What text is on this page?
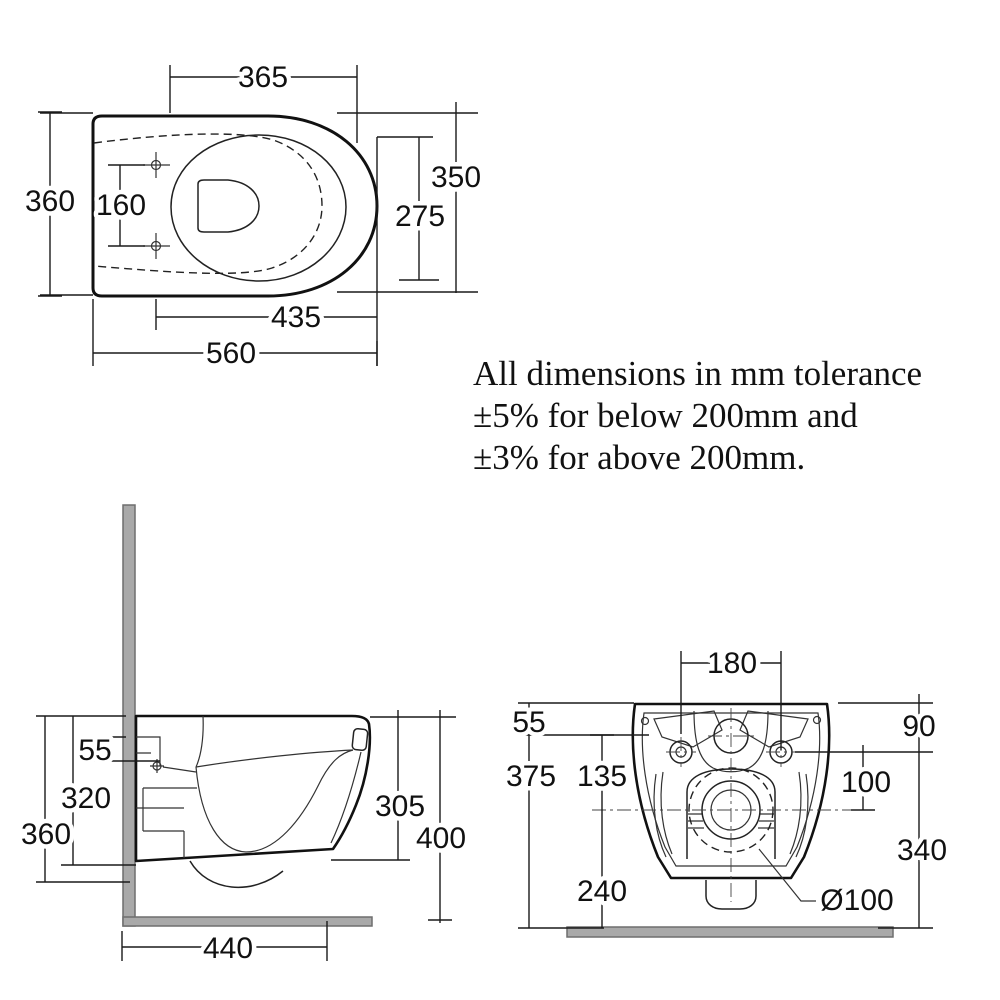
365
350
275
360 160
435
560
All dimensions in mm tolerance
±5% for below 200mm and
±3% for above 200mm.
55
320
360
305
400
440
180
55	90
375 135	100
340
240	Ø100
